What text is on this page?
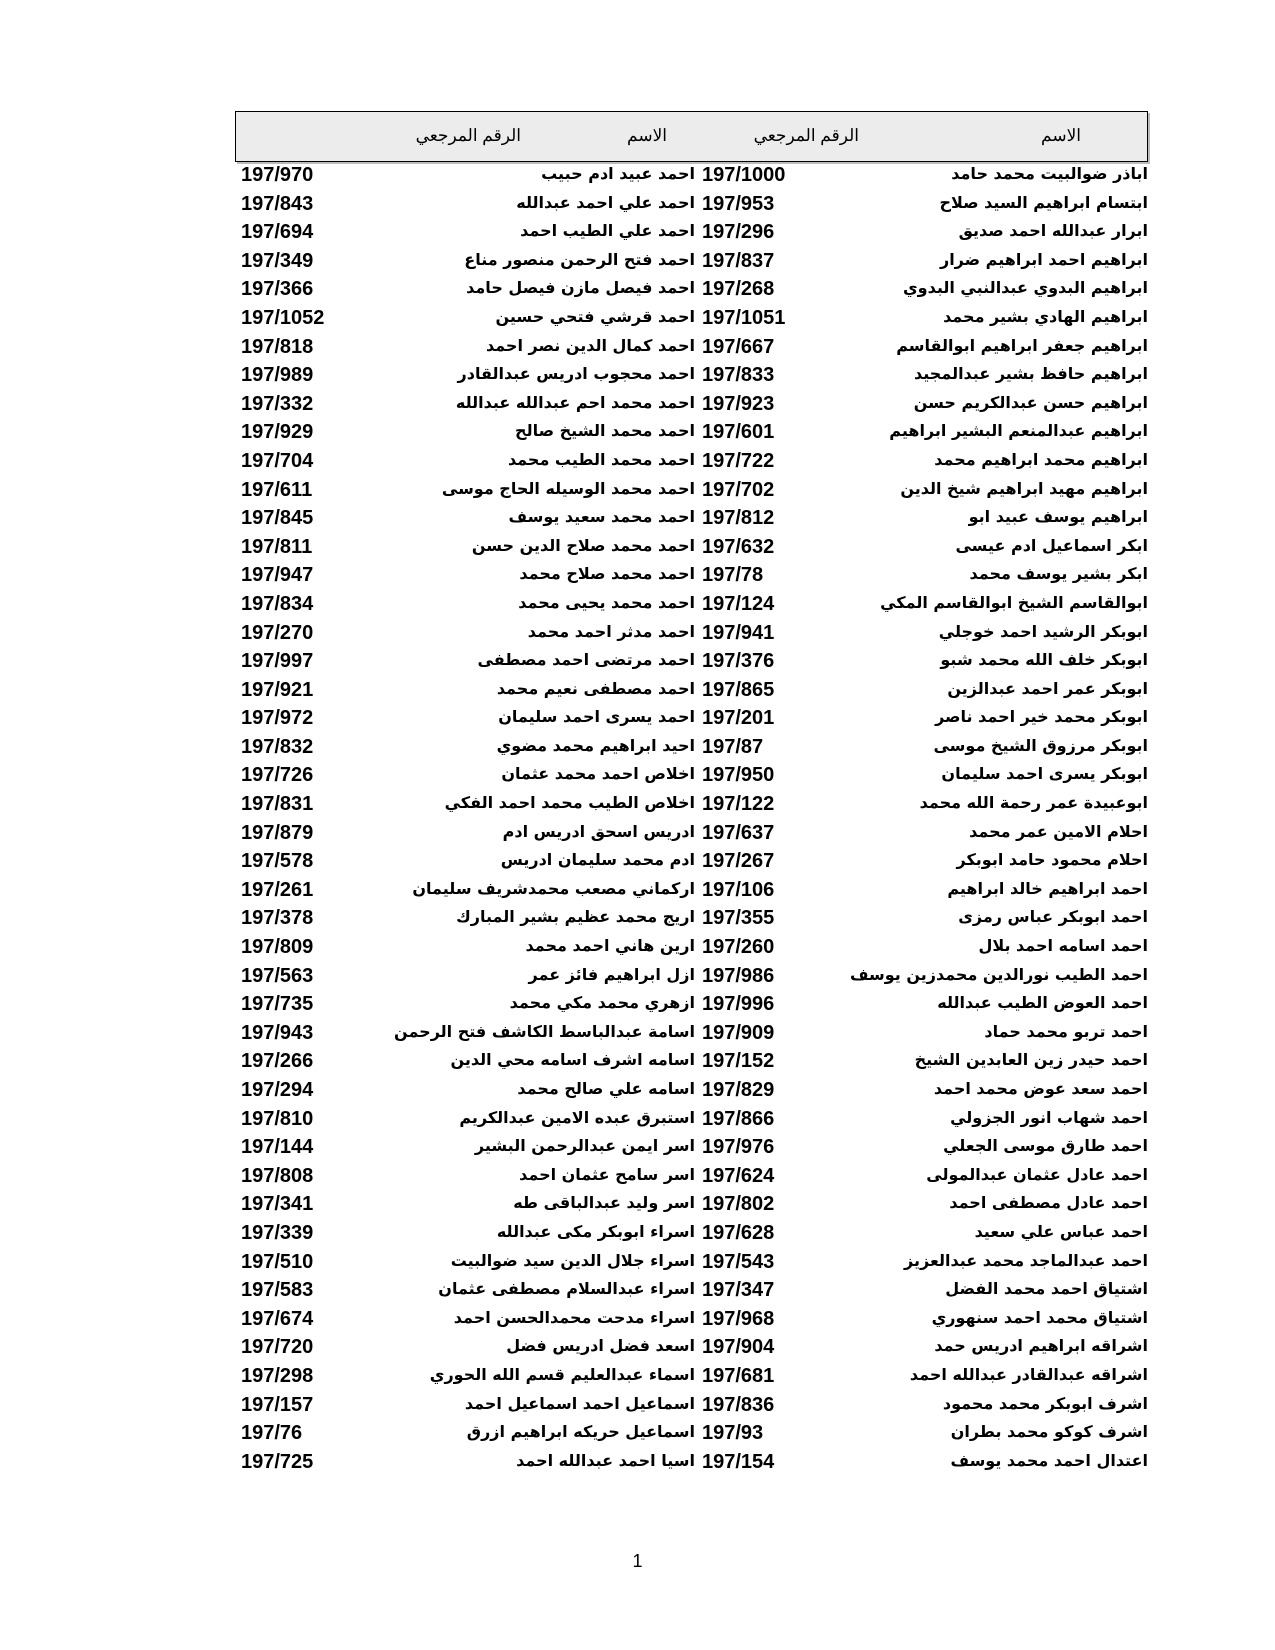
الاسم
الرقم المرجعي
الاسم
الرقم المرجعي
اباذر ضوالبيت محمد حامد
197/1000
احمد عبيد ادم حبيب
197/970
ابتسام ابراهيم السيد صلاح
197/953
احمد علي احمد عبدالله
197/843
ابرار عبدالله احمد صديق
197/296
احمد علي الطيب احمد
197/694
ابراهيم احمد ابراهيم ضرار
197/837
احمد فتح الرحمن منصور مناع
197/349
ابراهيم البدوي عبدالنبي البدوي
197/268
احمد فيصل مازن فيصل حامد
197/366
ابراهيم الهادي بشير محمد
197/1051
احمد قرشي فتحي حسين
197/1052
ابراهيم جعفر ابراهيم ابوالقاسم
197/667
احمد كمال الدين نصر احمد
197/818
ابراهيم حافظ بشير عبدالمجيد
197/833
احمد محجوب ادريس عبدالقادر
197/989
ابراهيم حسن عبدالكريم حسن
197/923
احمد محمد احم عبدالله عبدالله
197/332
ابراهيم عبدالمنعم البشير ابراهيم
197/601
احمد محمد الشيخ صالح
197/929
ابراهيم محمد ابراهيم محمد
197/722
احمد محمد الطيب محمد
197/704
ابراهيم مهيد ابراهيم شيخ الدين
197/702
احمد محمد الوسيله الحاج موسى
197/611
ابراهيم يوسف عبيد ابو
197/812
احمد محمد سعيد يوسف
197/845
ابكر اسماعيل ادم عيسى
197/632
احمد محمد صلاح الدين حسن
197/811
ابكر بشير يوسف محمد
197/78
احمد محمد صلاح محمد
197/947
ابوالقاسم الشيخ ابوالقاسم المكي
197/124
احمد محمد يحيى محمد
197/834
ابوبكر الرشيد احمد خوجلي
197/941
احمد مدثر احمد محمد
197/270
ابوبكر خلف الله محمد شبو
197/376
احمد مرتضى احمد مصطفى
197/997
ابوبكر عمر احمد عبدالزين
197/865
احمد مصطفى نعيم محمد
197/921
ابوبكر محمد خير احمد ناصر
197/201
احمد يسرى احمد سليمان
197/972
ابوبكر مرزوق الشيخ موسى
197/87
احيد ابراهيم محمد مضوي
197/832
ابوبكر يسرى احمد سليمان
197/950
اخلاص احمد محمد عثمان
197/726
ابوعبيدة عمر رحمة الله محمد
197/122
اخلاص الطيب محمد احمد الفكي
197/831
احلام الامين عمر محمد
197/637
ادريس اسحق ادريس ادم
197/879
احلام محمود حامد ابوبكر
197/267
ادم محمد سليمان ادريس
197/578
احمد ابراهيم خالد ابراهيم
197/106
اركماني مصعب محمدشريف سليمان
197/261
احمد ابوبكر عباس رمزى
197/355
اريج محمد عظيم بشير المبارك
197/378
احمد اسامه احمد بلال
197/260
ارين هاني احمد محمد
197/809
احمد الطيب نورالدين محمدزين يوسف
197/986
ازل ابراهيم فائز عمر
197/563
احمد العوض الطيب عبدالله
197/996
ازهري محمد مكي محمد
197/735
احمد تربو محمد حماد
197/909
اسامة عبدالباسط الكاشف فتح الرحمن
197/943
احمد حيدر زين العابدين الشيخ
197/152
اسامه اشرف اسامه محي الدين
197/266
احمد سعد عوض محمد احمد
197/829
اسامه علي صالح محمد
197/294
احمد شهاب انور الجزولي
197/866
استبرق عبده الامين عبدالكريم
197/810
احمد طارق موسى الجعلي
197/976
اسر ايمن عبدالرحمن البشير
197/144
احمد عادل عثمان عبدالمولى
197/624
اسر سامح عثمان احمد
197/808
احمد عادل مصطفى احمد
197/802
اسر وليد عبدالباقى طه
197/341
احمد عباس علي سعيد
197/628
اسراء ابوبكر مكى عبدالله
197/339
احمد عبدالماجد محمد عبدالعزيز
197/543
اسراء جلال الدين سيد ضوالبيت
197/510
اشتياق احمد محمد الفضل
197/347
اسراء عبدالسلام مصطفى عثمان
197/583
اشتياق محمد احمد سنهوري
197/968
اسراء مدحت محمدالحسن احمد
197/674
اشراقه ابراهيم ادريس حمد
197/904
اسعد فضل ادريس فضل
197/720
اشراقه عبدالقادر عبدالله احمد
197/681
اسماء عبدالعليم قسم الله الحوري
197/298
اشرف ابوبكر محمد محمود
197/836
اسماعيل احمد اسماعيل احمد
197/157
اشرف كوكو محمد بطران
197/93
اسماعيل حريكه ابراهيم ازرق
197/76
اعتدال احمد محمد يوسف
197/154
اسيا احمد عبدالله احمد
197/725
1
